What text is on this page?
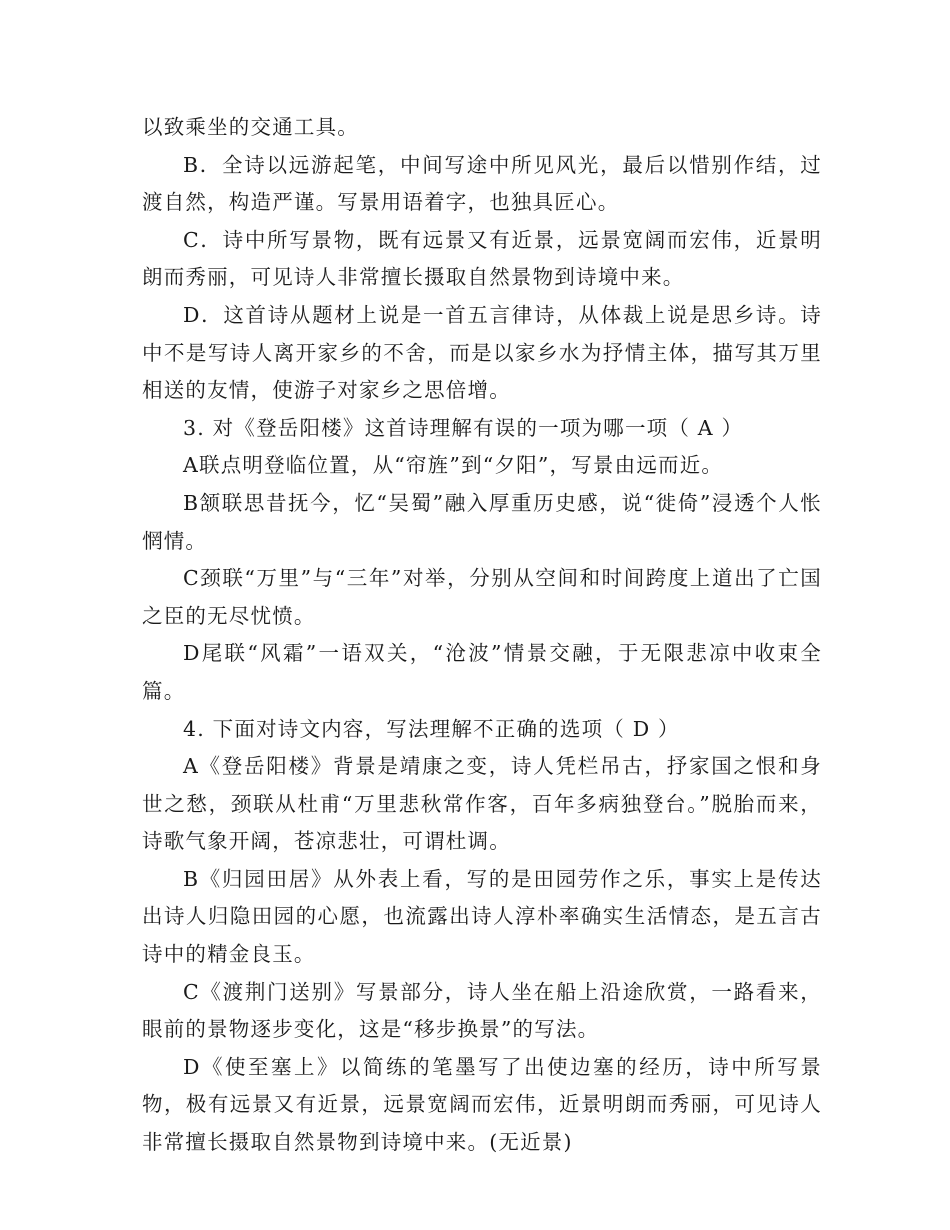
以致乘坐的交通工具。

B．全诗以远游起笔，中间写途中所见风光，最后以惜别作结，过渡自然，构造严谨。写景用语着字，也独具匠心。

C．诗中所写景物，既有远景又有近景，远景宽阔而宏伟，近景明朗而秀丽，可见诗人非常擅长摄取自然景物到诗境中来。

D．这首诗从题材上说是一首五言律诗，从体裁上说是思乡诗。诗中不是写诗人离开家乡的不舍，而是以家乡水为抒情主体，描写其万里相送的友情，使游子对家乡之思倍增。

3. 对《登岳阳楼》这首诗理解有误的一项为哪一项（ A ）

A联点明登临位置，从“帘旌”到“夕阳”，写景由远而近。

B颔联思昔抚今，忆“吴蜀”融入厚重历史感，说“徙倚”浸透个人怅惘情。

C颈联“万里”与“三年”对举，分别从空间和时间跨度上道出了亡国之臣的无尽忧愤。

D尾联“风霜”一语双关，“沧波”情景交融，于无限悲凉中收束全篇。

4. 下面对诗文内容，写法理解不正确的选项（ D ）

A《登岳阳楼》背景是靖康之变，诗人凭栏吊古，抒家国之恨和身世之愁，颈联从杜甫“万里悲秋常作客，百年多病独登台。”脱胎而来，诗歌气象开阔，苍凉悲壮，可谓杜调。

B《归园田居》从外表上看，写的是田园劳作之乐，事实上是传达出诗人归隐田园的心愿，也流露出诗人淳朴率确实生活情态，是五言古诗中的精金良玉。

C《渡荆门送别》写景部分，诗人坐在船上沿途欣赏，一路看来，眼前的景物逐步变化，这是“移步换景”的写法。

D《使至塞上》以简练的笔墨写了出使边塞的经历，诗中所写景物，极有远景又有近景，远景宽阔而宏伟，近景明朗而秀丽，可见诗人非常擅长摄取自然景物到诗境中来。(无近景)
